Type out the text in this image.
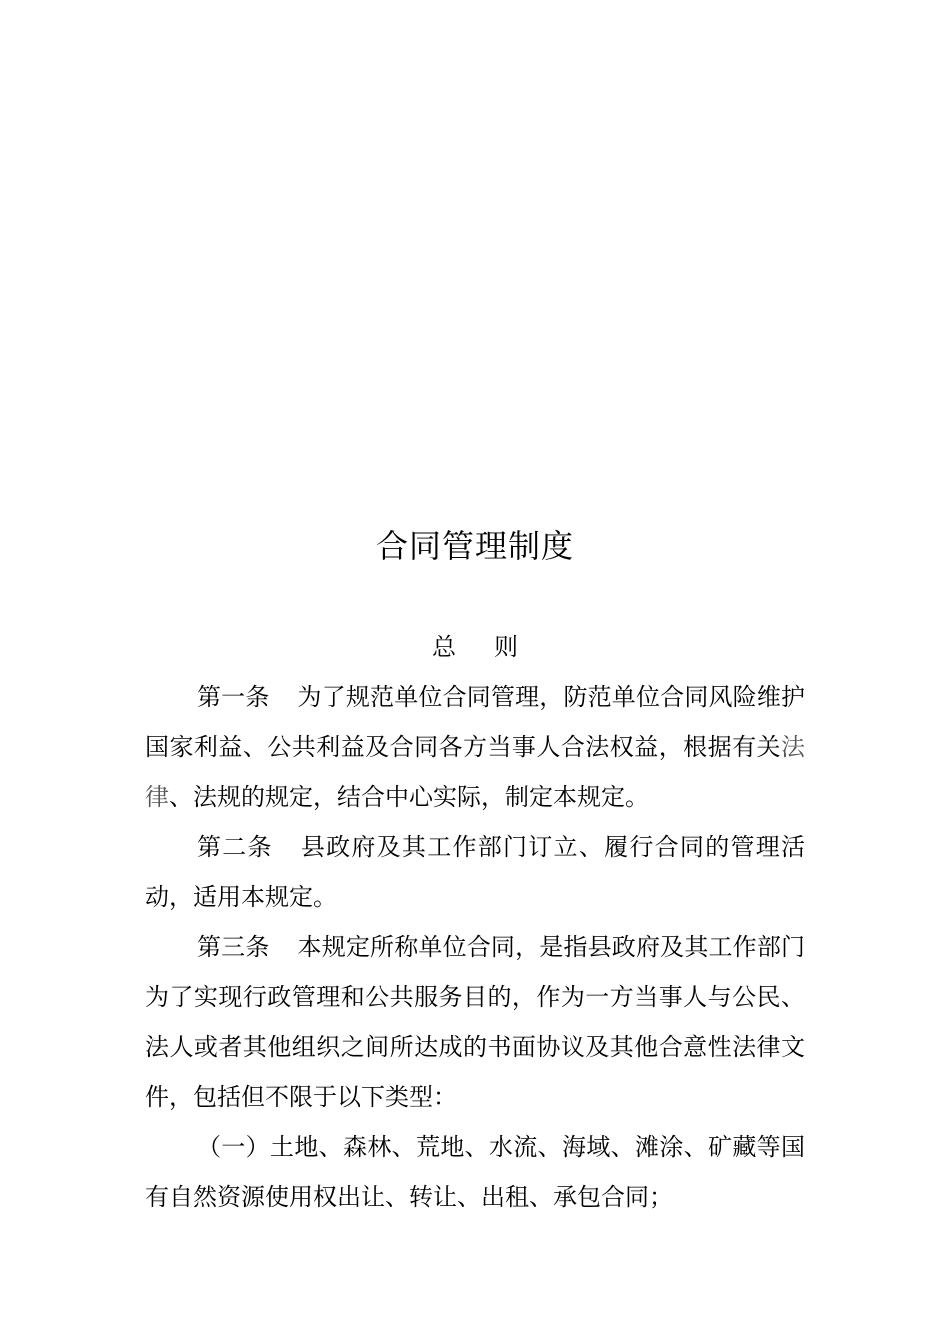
合同管理制度
总 则

第一条 为了规范单位合同管理，防范单位合同风险维护国家利益、公共利益及合同各方当事人合法权益，根据有关法律、法规的规定，结合中心实际，制定本规定。

第二条 县政府及其工作部门订立、履行合同的管理活动，适用本规定。

第三条 本规定所称单位合同，是指县政府及其工作部门为了实现行政管理和公共服务目的，作为一方当事人与公民、法人或者其他组织之间所达成的书面协议及其他合意性法律文件，包括但不限于以下类型：

（一）土地、森林、荒地、水流、海域、滩涂、矿藏等国有自然资源使用权出让、转让、出租、承包合同；
